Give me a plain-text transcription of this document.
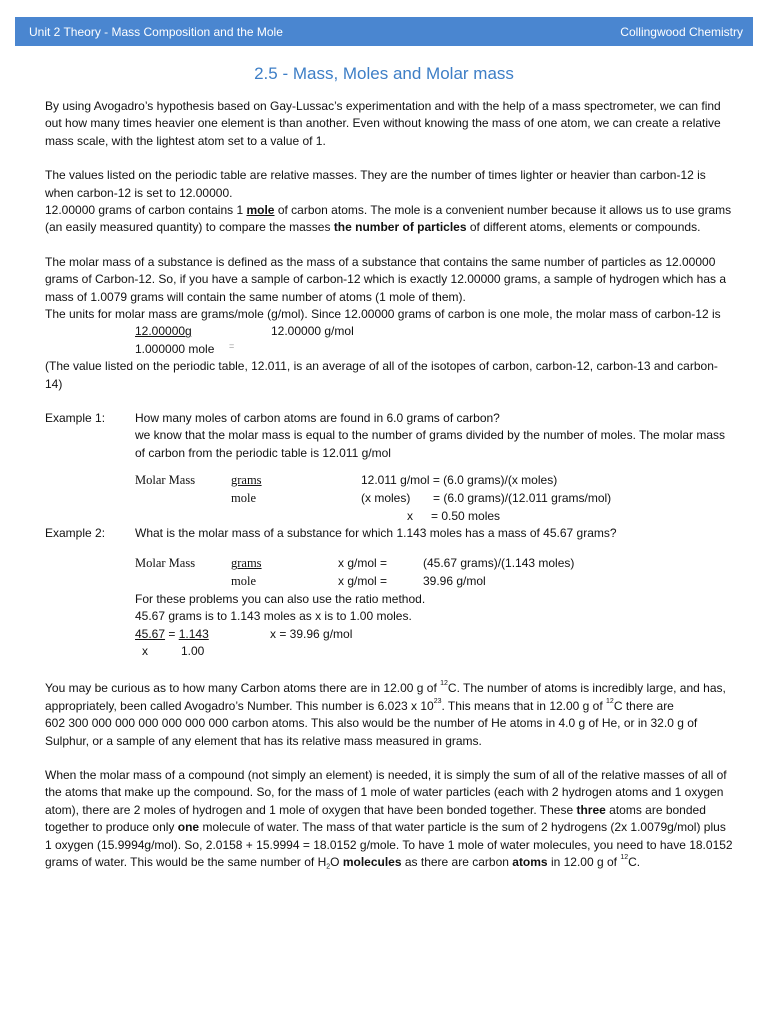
Unit 2 Theory - Mass Composition and the Mole	Collingwood Chemistry
2.5 - Mass, Moles and Molar mass

By using Avogadro’s hypothesis based on Gay-Lussac’s experimentation and with the help of a mass spectrometer, we can find out how many times heavier one element is than another. Even without knowing the mass of one atom, we can create a relative mass scale, with the lightest atom set to a value of 1.

The values listed on the periodic table are relative masses. They are the number of times lighter or heavier than carbon-12 is when carbon-12 is set to 12.00000.

12.00000 grams of carbon contains 1 mole of carbon atoms. The mole is a convenient number because it allows us to use grams (an easily measured quantity) to compare the masses the number of particles of different atoms, elements or compounds.

The molar mass of a substance is defined as the mass of a substance that contains the same number of particles as 12.00000 grams of Carbon-12. So, if you have a sample of carbon-12 which is exactly 12.00000 grams, a sample of hydrogen which has a mass of 1.0079 grams will contain the same number of atoms (1 mole of them).

The units for molar mass are grams/mole (g/mol). Since 12.00000 grams of carbon is one mole, the molar mass of carbon-12 is

12.00000g	12.00000 g/mol
1.000000 mole =

(The value listed on the periodic table, 12.011, is an average of all of the isotopes of carbon, carbon-12, carbon-13 and carbon-14)

Example 1: How many moles of carbon atoms are found in 6.0 grams of carbon?

we know that the molar mass is equal to the number of grams divided by the number of moles. The molar mass of carbon from the periodic table is 12.011 g/mol

Molar Mass	grams	12.011 g/mol = (6.0 grams)/(x moles)
mole	(x moles) = (6.0 grams)/(12.011 grams/mol)
x = 0.50 moles
Example 2: What is the molar mass of a substance for which 1.143 moles has a mass of 45.67 grams?
Molar Mass	grams	x g/mol =	(45.67 grams)/(1.143 moles)
mole	x g/mol =	39.96 g/mol

For these problems you can also use the ratio method.

45.67 grams is to 1.143 moles as x is to 1.00 moles.

45.67 = 1.143	x = 39.96 g/mol
x	1.00

You may be curious as to how many Carbon atoms there are in 12.00 g of $^{12}$C. The number of atoms is incredibly large, and has, appropriately, been called Avogadro’s Number. This number is 6.023 x $10^{23}$. This means that in 12.00 g of $^{12}$C there are

602 300 000 000 000 000 000 000 carbon atoms. This also would be the number of He atoms in 4.0 g of He, or in 32.0 g of Sulphur, or a sample of any element that has its relative mass measured in grams.

When the molar mass of a compound (not simply an element) is needed, it is simply the sum of all of the relative masses of all of the atoms that make up the compound. So, for the mass of 1 mole of water particles (each with 2 hydrogen atoms and 1 oxygen atom), there are 2 moles of hydrogen and 1 mole of oxygen that have been bonded together. These three atoms are bonded together to produce only one molecule of water. The mass of that water particle is the sum of 2 hydrogens (2x 1.0079g/mol) plus 1 oxygen (15.9994g/mol). So, 2.0158 + 15.9994 = 18.0152 g/mole. To have 1 mole of water molecules, you need to have 18.0152 grams of water. This would be the same number of H2O molecules as there are carbon atoms in 12.00 g of $^{12}$C.
